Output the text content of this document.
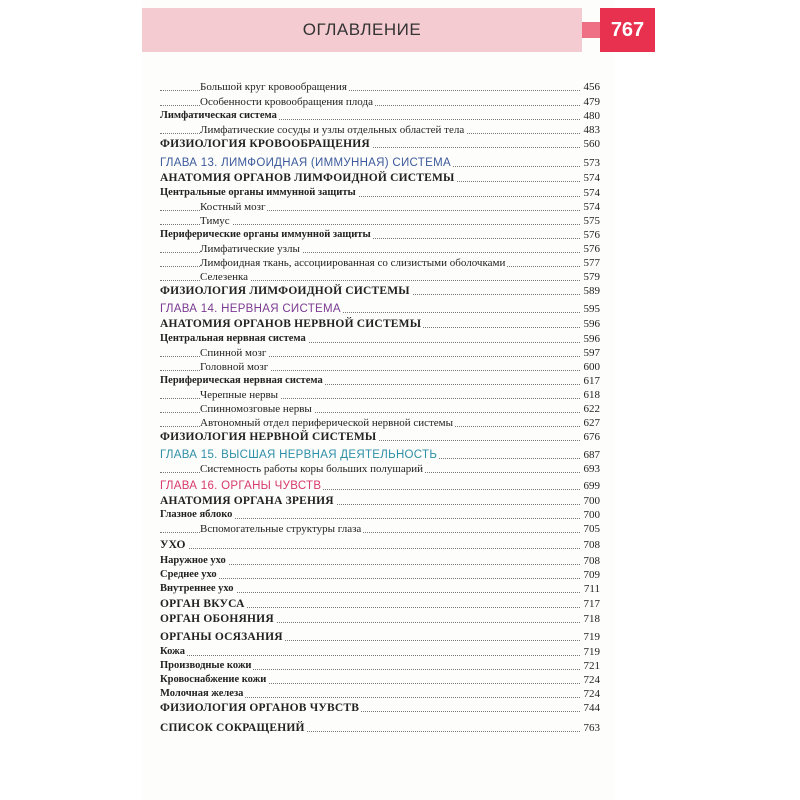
ОГЛАВЛЕНИЕ	767
Большой круг кровообращения	456
Особенности кровообращения плода	479
Лимфатическая система	480
Лимфатические сосуды и узлы отдельных областей тела	483
ФИЗИОЛОГИЯ КРОВООБРАЩЕНИЯ	560
ГЛАВА 13. ЛИМФОИДНАЯ (ИММУННАЯ) СИСТЕМА	573
АНАТОМИЯ ОРГАНОВ ЛИМФОИДНОЙ СИСТЕМЫ	574
Центральные органы иммунной защиты	574
Костный мозг	574
Тимус	575
Периферические органы иммунной защиты	576
Лимфатические узлы	576
Лимфоидная ткань, ассоциированная со слизистыми оболочками	577
Селезенка	579
ФИЗИОЛОГИЯ ЛИМФОИДНОЙ СИСТЕМЫ	589
ГЛАВА 14. НЕРВНАЯ СИСТЕМА	595
АНАТОМИЯ ОРГАНОВ НЕРВНОЙ СИСТЕМЫ	596
Центральная нервная система	596
Спинной мозг	597
Головной мозг	600
Периферическая нервная система	617
Черепные нервы	618
Спинномозговые нервы	622
Автономный отдел периферической нервной системы	627
ФИЗИОЛОГИЯ НЕРВНОЙ СИСТЕМЫ	676
ГЛАВА 15. ВЫСШАЯ НЕРВНАЯ ДЕЯТЕЛЬНОСТЬ	687
Системность работы коры больших полушарий	693
ГЛАВА 16. ОРГАНЫ ЧУВСТВ	699
АНАТОМИЯ ОРГАНА ЗРЕНИЯ	700
Глазное яблоко	700
Вспомогательные структуры глаза	705
УХО	708
Наружное ухо	708
Среднее ухо	709
Внутреннее ухо	711
ОРГАН ВКУСА	717
ОРГАН ОБОНЯНИЯ	718
ОРГАНЫ ОСЯЗАНИЯ	719
Кожа	719
Производные кожи	721
Кровоснабжение кожи	724
Молочная железа	724
ФИЗИОЛОГИЯ ОРГАНОВ ЧУВСТВ	744
СПИСОК СОКРАЩЕНИЙ	763
